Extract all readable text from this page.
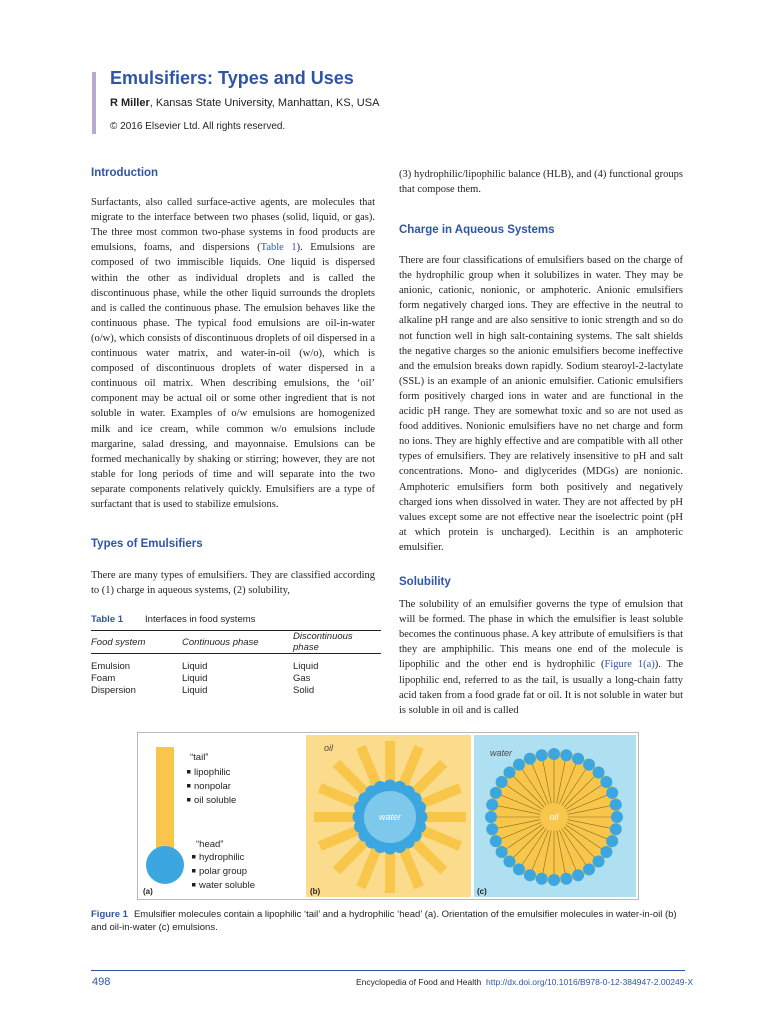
Emulsifiers: Types and Uses
R Miller, Kansas State University, Manhattan, KS, USA
© 2016 Elsevier Ltd. All rights reserved.
Introduction

Surfactants, also called surface-active agents, are molecules that migrate to the interface between two phases (solid, liquid, or gas). The three most common two-phase systems in food products are emulsions, foams, and dispersions (Table 1). Emulsions are composed of two immiscible liquids. One liquid is dispersed within the other as individual droplets and is called the discontinuous phase, while the other liquid surrounds the droplets and is called the continuous phase. The emulsion behaves like the continuous phase. The typical food emulsions are oil-in-water (o/w), which consists of discontinuous droplets of oil dispersed in a continuous water matrix, and water-in-oil (w/o), which is composed of discontinuous droplets of water dispersed in a continuous oil matrix. When describing emulsions, the ‘oil’ component may be actual oil or some other ingredient that is not soluble in water. Examples of o/w emulsions are homogenized milk and ice cream, while common w/o emulsions include margarine, salad dressing, and mayonnaise. Emulsions can be formed mechanically by shaking or stirring; however, they are not stable for long periods of time and will separate into the two separate components relatively quickly. Emulsifiers are a type of surfactant that is used to stabilize emulsions.

Types of Emulsifiers

There are many types of emulsifiers. They are classified according to (1) charge in aqueous systems, (2) solubility,

Table 1 Interfaces in food systems
Food system	Continuous phase	Discontinuous phase
Emulsion	Liquid	Liquid
Foam	Liquid	Gas
Dispersion	Liquid	Solid

(3) hydrophilic/lipophilic balance (HLB), and (4) functional groups that compose them.

Charge in Aqueous Systems

There are four classifications of emulsifiers based on the charge of the hydrophilic group when it solubilizes in water. They may be anionic, cationic, nonionic, or amphoteric. Anionic emulsifiers form negatively charged ions. They are effective in the neutral to alkaline pH range and are also sensitive to ionic strength and so do not function well in high salt-containing systems. The salt shields the negative charges so the anionic emulsifiers become ineffective and the emulsion breaks down rapidly. Sodium stearoyl-2-lactylate (SSL) is an example of an anionic emulsifier. Cationic emulsifiers form positively charged ions in water and are functional in the acidic pH range. They are somewhat toxic and so are not used as food additives. Nonionic emulsifiers have no net charge and form no ions. They are highly effective and are compatible with all other types of emulsifiers. They are relatively insensitive to pH and salt concentrations. Mono- and diglycerides (MDGs) are nonionic. Amphoteric emulsifiers form both positively and negatively charged ions when dissolved in water. They are not affected by pH values except some are not effective near the isoelectric point (pH at which protein is uncharged). Lecithin is an amphoteric emulsifier.

Solubility

The solubility of an emulsifier governs the type of emulsion that will be formed. The phase in which the emulsifier is least soluble becomes the continuous phase. A key attribute of emulsifiers is that they are amphiphilic. This means one end of the molecule is lipophilic and the other end is hydrophilic (Figure 1(a)). The lipophilic end, referred to as the tail, is usually a long-chain fatty acid taken from a food grade fat or oil. It is not soluble in water but is soluble in oil and is called

“tail”
lipophilic
nonpolar
oil soluble
“head”
hydrophilic
polar group
water soluble
(a)
oil
water
(b)
water
oil
(c)
Figure 1 Emulsifier molecules contain a lipophilic ‘tail’ and a hydrophilic ‘head’ (a). Orientation of the emulsifier molecules in water-in-oil (b) and oil-in-water (c) emulsions.
498	Encyclopedia of Food and Health http://dx.doi.org/10.1016/B978-0-12-384947-2.00249-X
